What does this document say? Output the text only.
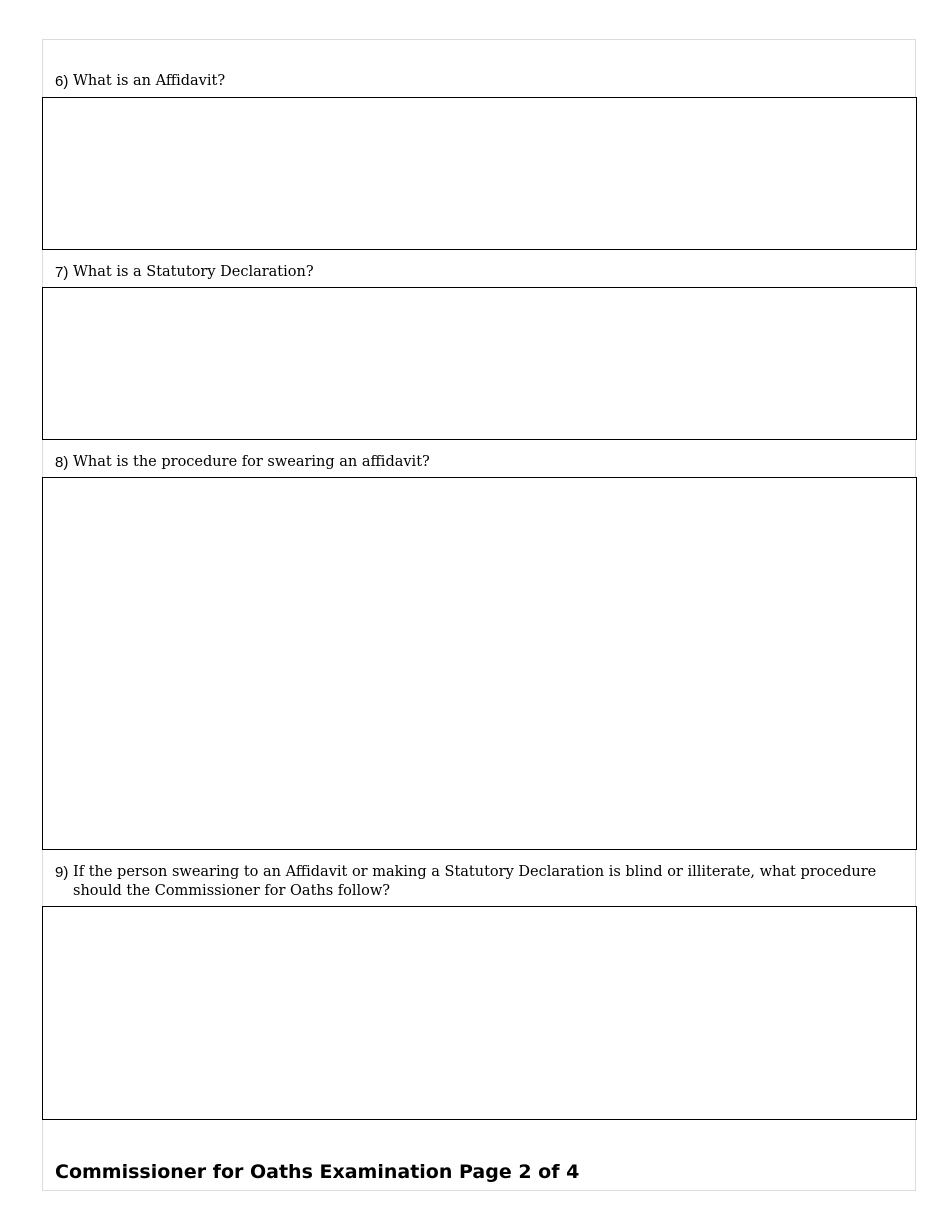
6) What is an Affidavit?
7) What is a Statutory Declaration?
8) What is the procedure for swearing an affidavit?
9) If the person swearing to an Affidavit or making a Statutory Declaration is blind or illiterate, what procedure should the Commissioner for Oaths follow?
Commissioner for Oaths Examination Page 2 of 4
